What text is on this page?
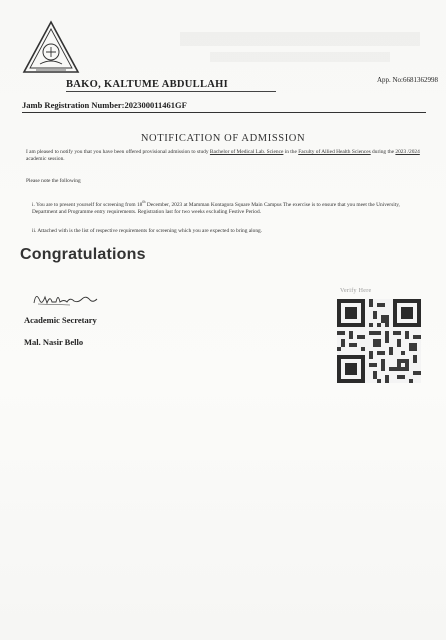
BAKO, KALTUME ABDULLAHI	App. No:6681362998
Jamb Registration Number:202300011461GF
NOTIFICATION OF ADMISSION
I am pleased to notify you that you have been offered provisional admission to study Bachelor of Medical Lab. Science in the Faculty of Allied Health Sciences during the 2023 /2024 academic session.
Please note the following
i. You are to present yourself for screening from 18th December, 2023 at Mamman Kontagora Square Main Campus The exercise is to ensure that you meet the University, Department and Programme entry requirements. Registration last for two weeks excluding Festive Period.
ii. Attached with is the list of respective requirements for screening which you are expected to bring along.
Congratulations
Academic Secretary
Mal. Nasir Bello
Verify Here
